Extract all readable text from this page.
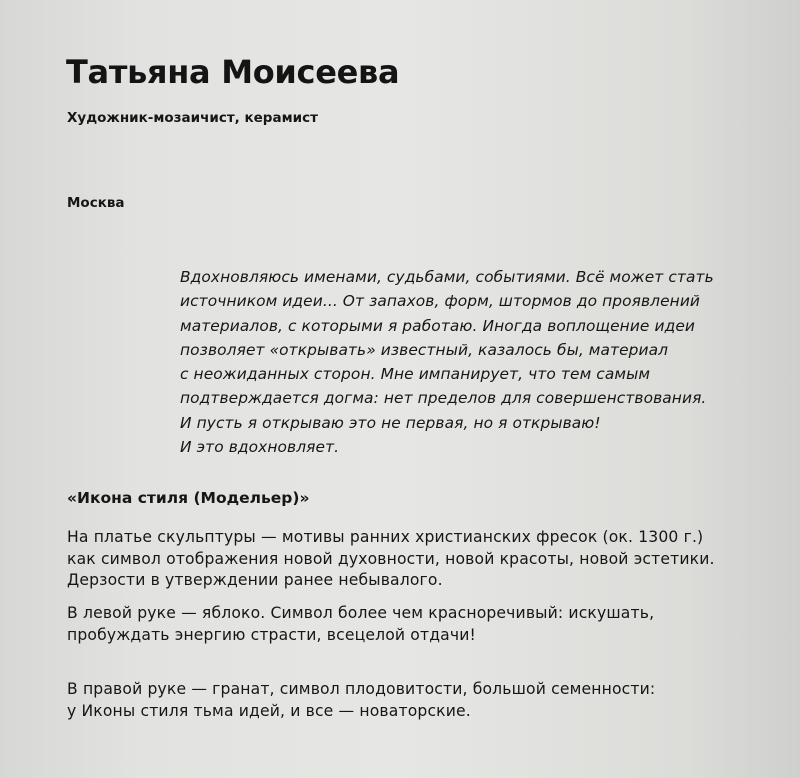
Татьяна Моисеева

Художник-мозаичист, керамист

Москва

Вдохновляюсь именами, судьбами, событиями. Всё может стать
источником идеи... От запахов, форм, штормов до проявлений
материалов, с которыми я работаю. Иногда воплощение идеи
позволяет «открывать» известный, казалось бы, материал
с неожиданных сторон. Мне импанирует, что тем самым
подтверждается догма: нет пределов для совершенствования.
И пусть я открываю это не первая, но я открываю!
И это вдохновляет.
«Икона стиля (Модельер)»
На платье скульптуры — мотивы ранних христианских фресок (ок. 1300 г.)
как символ отображения новой духовности, новой красоты, новой эстетики.
Дерзости в утверждении ранее небывалого.
В левой руке — яблоко. Символ более чем красноречивый: искушать,
пробуждать энергию страсти, всецелой отдачи!
В правой руке — гранат, символ плодовитости, большой семенности:
у Иконы стиля тьма идей, и все — новаторские.
